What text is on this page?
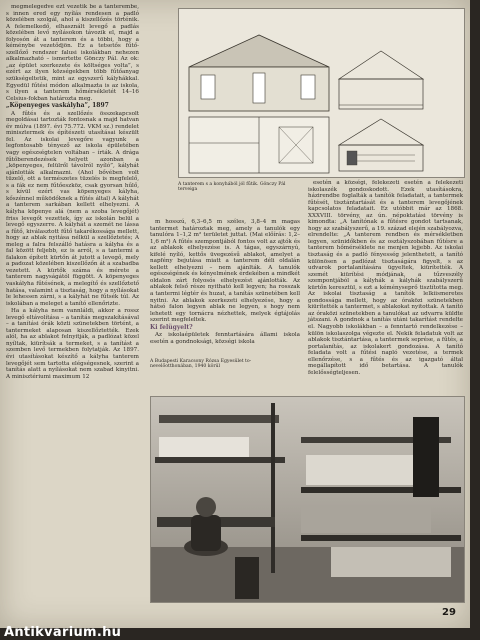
megmelegedve ezt vezetik be a tanterembe, s innen ered egy nyílás rendesen a padló közelében szolgál, ahol a kiszellőzés történik. A felemelkedő, elhasznált levegő a padlás közelében levő nyílásokon távozik el, majd a folyosón át a tanterem és a többi, hogy a kéménybe vezetődjön. Ez a tetsetős fűtő-szellőző rendszer falusi iskolákban nehezen alkalmazható – ismertette Gönczy Pál. Az ok: „az épület szerkezete és költséges volta”, s ezért az ilyen községekben több fűtőanyag szükségeltetik, mint az egyszerű kályhákkal. Egyedül fűtési módon alkalmazta is az iskola, s ilyen a tanterem hőmérsékletét 14–16 Celsius-fokban határozta meg.

„Köpenyeges vaskályha”, 1897

A fűtés és a szellőzés összekapcsolt megoldásai tartozták fontosnak a majd hatvan év múlva (1897. évi 75.772. VKM sz.) rendelet minisztermek és építészeti utasításai készült fel. Az iskolai levegőre vagyunk a legfontosabb tényező az iskola épületében vagy egészségtelen voltában – írták. A drága fűtőberendezések helyett azonban a „köpenyeges, felülről távolról nyíló”, kályhát ajánlották alkalmazni. (Ahol bővében volt tüzelő, ott a természetes tüzelés is megfelelő, s a fák ez nem fűtőeszköz, csak gyorsan hűlő, s kívül ezért vas köpenyeges kályha, kőszénnel működőknek a fűtés által) A kályhát a tanterem sarkában kellett elhelyezni. A kályha köpenye alá (nem a szoba levegőjét) friss levegőt vezettek, így az iskolán belül a levegő egyszerre. A kályhát a szemét ne lássa a fűtő, kiválasztott fűtő takarékossága mellett, hogy az ablak nyitása nélkül a szellőztetés; A meleg a falra felszálló hatásra a kályha és a fal között feljebb, ez is arról, s a tantermi a falakon épített kürtőn át jutott a levegő, mely a padozat közelében kiszellőzőn át a szabadba vezetett. A kürtők száma és mérete a tanterem nagyságától függött. A köpenyeges vaskályha fűtésének, a melegítő és szellőztető hatása, valamint a tisztaság, hogy a nyílásokat le lehessen zárni, s a kályhát ne fűtsék túl. Az iskolában a meleget a tanító ellenőrizte.

Ha a kályha nem vannláldi, akkor a rossz levegő eltávolítása – a tanítás megszakításával – a tanítási órák közti szünetekben történt, a tantermeket alaposan kiszellőztették. Ezek alól, ha az ablakot felnyitják, a padlózat közel nyíltak, kiürítsák a termeket, s a tanítást a szemben levő termekben folytatják. Az 1897. évi utasításokat készítő a kályha tanterem levegőjét sem tartotta elégségesnek, szerint a tanítás alatt a nyílásokat nem szabad kinyitni. A minisztériumi maximum 12

A tanterem s a konyhából jól fűtik. Gönczy Pál terveiga

m hosszú, 6,3–6,5 m széles, 3,8–4 m magas tantermet határoztak meg, amely a tanulók egy tanulóra 1–1,2 m² területet juttat. (Mai előírás: 1,2–1,6 m²) A fűtés szempontjából fontos volt az ajtók és az ablakok elhelyezése is. A tágas, egyszárnyú, kifelé nyíló, kettős üvegezésű ablakot, amelyet a napfény bejutása miatt a tanterem déli oldalán kellett elhelyezni – nem ajánlták. A tanulók egészségének és kényelmének érdekében a mindkét oldalon zárt folyosós elhelyezést ajánlották. Az ablakok felső része nyitható kell legyen; ha rosszak a tantermi légtér és huzat, a tanítás szünetében kell nyitni. Az ablakok szerkezeti elhelyezése, hogy a hátsó falon legyen ablak ne legyen, s hogy nem lehetett egy tornácra nézhettek, melyek égtájolás szerint megfeleltek.

Ki felügyelt?

Az iskolaépületek fenntartására állami iskola esetén a gondnoksági, községi iskola

A Budapesti Karacsony Rózsa Egyesület to-nevelőotthonában, 1940 körül

esetén a községi, felekezeti esetén a felekezeti iskolaszék gondoskodott. Ezek utasításokra, házirendbe foglalták a tanítók feladatait, a tantermek fűtését, tisztántartását és a tanterem levegőjének kapcsolatos feladatait. Ez utóbbit már az 1868. XXXVIII. törvény, az ún. népoktatási törvény is kimondta: „A tanítónak a fűtésre gondot tartsanak, hogy az szabályszerű, a 19. század elején szabályozva, elrendelte: „A tanterem rendben és mérsékletben legyen, szünidőkben és az osztályszobában fűtésre a tanterem hőmérséklete ne menjen lejjebb. Az iskolai tisztaság és a padló fényesség jelenthetett, a tanító különösen a padlózat tisztaságára figyelt, s az udvarok portalanítására ügyeltek, kiürítették. A szemét kiürítési módjának, a tűzveszély szempontjából a kályhák a kályhák szabályszerű kürtőn keresztül, s ezt a kéményseprő tisztította meg. Az iskolai tisztaság a tanítók lelkiismeretes gondossága mellett, hogy az óraközi szünetekben kiürítették a tantermet, s ablakokat nyitottak. A tanító az óraközi szünetekben a tanulókat az udvarra küldte játszani. A gondnok a tanítás utáni takarítást rendelte el. Nagyobb iskolákban – a fenntartó rendelkezése – külön iskolaszolga végezte el. Nekik feladatuk volt az ablakok tisztántartása, a tantermek seprése, a fűtés, a portalanítás, az iskolakert gondozása. A tanító feladata volt a fűtési napló vezetése, a termek ellenőrzése, s a fűtés és az igazgató által megállapított idő betartása. A tanulók felelősségteljesen.

29
Antikvarium.hu
